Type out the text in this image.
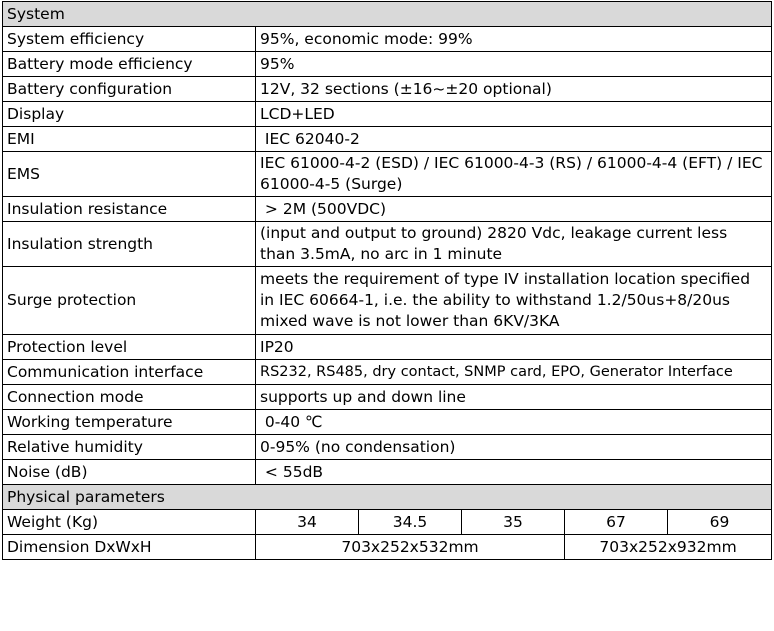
System					
System efficiency	95%, economic mode: 99%				
Battery mode efficiency	95%				
Battery configuration	12V, 32 sections (±16~±20 optional)				
Display	LCD+LED				
EMI	IEC 62040-2				
EMS	IEC 61000-4-2 (ESD) / IEC 61000-4-3 (RS) / 61000-4-4 (EFT) / IEC 61000-4-5 (Surge)				
Insulation resistance	> 2M (500VDC)				
Insulation strength	(input and output to ground) 2820 Vdc, leakage current less than 3.5mA, no arc in 1 minute				
Surge protection	meets the requirement of type IV installation location specified in IEC 60664-1, i.e. the ability to withstand 1.2/50us+8/20us mixed wave is not lower than 6KV/3KA				
Protection level	IP20				
Communication interface	RS232, RS485, dry contact, SNMP card, EPO, Generator Interface				
Connection mode	supports up and down line				
Working temperature	0-40 ℃				
Relative humidity	0-95% (no condensation)				
Noise (dB)	< 55dB				
Physical parameters					
Weight (Kg)	34	34.5	35	67	69
Dimension DxWxH	703x252x532mm			703x252x932mm	
